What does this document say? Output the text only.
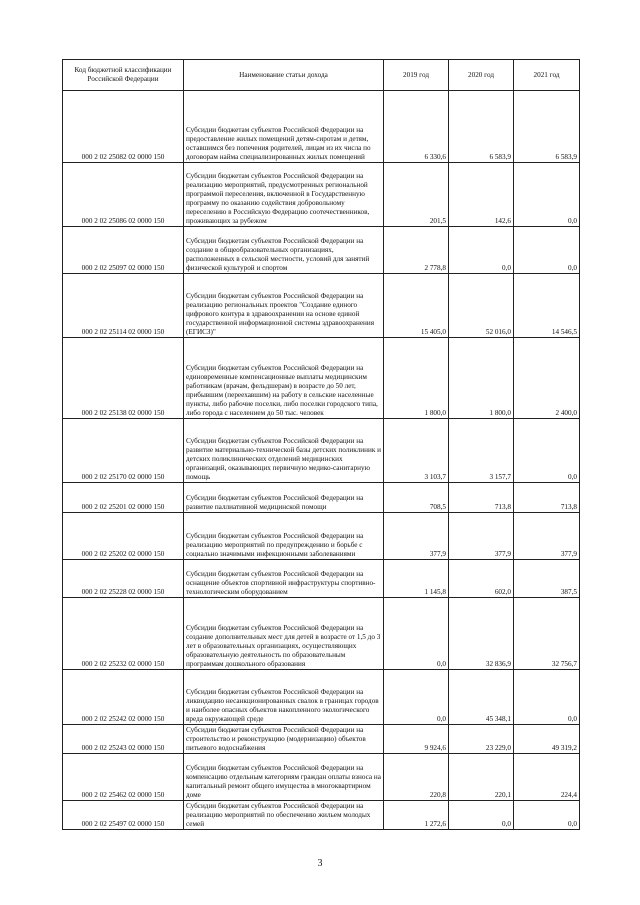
Код бюджетной классификации Российской Федерации	Наименование статьи дохода	2019 год	2020 год	2021 год
000 2 02 25082 02 0000 150	Субсидии бюджетам субъектов Российской Федерации на предоставление жилых помещений детям-сиротам и детям, оставшимся без попечения родителей, лицам из их числа по договорам найма специализированных жилых помещений	6 330,6	6 583,9	6 583,9
000 2 02 25086 02 0000 150	Субсидии бюджетам субъектов Российской Федерации на реализацию мероприятий, предусмотренных региональной программой переселения, включенной в Государственную программу по оказанию содействия добровольному переселению в Российскую Федерацию соотечественников, проживающих за рубежом	201,5	142,6	0,0
000 2 02 25097 02 0000 150	Субсидии бюджетам субъектов Российской Федерации на создание в общеобразовательных организациях, расположенных в сельской местности, условий для занятий физической культурой и спортом	2 778,8	0,0	0,0
000 2 02 25114 02 0000 150	Субсидии бюджетам субъектов Российской Федерации на реализацию региональных проектов "Создание единого цифрового контура в здравоохранении на основе единой государственной информационной системы здравоохранения (ЕГИСЗ)"	15 405,0	52 016,0	14 546,5
000 2 02 25138 02 0000 150	Субсидии бюджетам субъектов Российской Федерации на единовременные компенсационные выплаты медицинским работникам (врачам, фельдшерам) в возрасте до 50 лет, прибывшим (переехавшим) на работу в сельские населенные пункты, либо рабочие поселки, либо поселки городского типа, либо города с населением до 50 тыс. человек	1 800,0	1 800,0	2 400,0
000 2 02 25170 02 0000 150	Субсидии бюджетам субъектов Российской Федерации на развитие материально-технической базы детских поликлиник и детских поликлинических отделений медицинских организаций, оказывающих первичную медико-санитарную помощь	3 103,7	3 157,7	0,0
000 2 02 25201 02 0000 150	Субсидии бюджетам субъектов Российской Федерации на развитие паллиативной медицинской помощи	708,5	713,8	713,8
000 2 02 25202 02 0000 150	Субсидии бюджетам субъектов Российской Федерации на реализацию мероприятий по предупреждению и борьбе с социально значимыми инфекционными заболеваниями	377,9	377,9	377,9
000 2 02 25228 02 0000 150	Субсидии бюджетам субъектов Российской Федерации на оснащение объектов спортивной инфраструктуры спортивно-технологическим оборудованием	1 145,8	602,0	387,5
000 2 02 25232 02 0000 150	Субсидии бюджетам субъектов Российской Федерации на создание дополнительных мест для детей в возрасте от 1,5 до 3 лет в образовательных организациях, осуществляющих образовательную деятельность по образовательным программам дошкольного образования	0,0	32 836,9	32 756,7
000 2 02 25242 02 0000 150	Субсидии бюджетам субъектов Российской Федерации на ликвидацию несанкционированных свалок в границах городов и наиболее опасных объектов накопленного экологического вреда окружающей среде	0,0	45 348,1	0,0
000 2 02 25243 02 0000 150	Субсидии бюджетам субъектов Российской Федерации на строительство и реконструкцию (модернизацию) объектов питьевого водоснабжения	9 924,6	23 229,0	49 319,2
000 2 02 25462 02 0000 150	Субсидии бюджетам субъектов Российской Федерации на компенсацию отдельным категориям граждан оплаты взноса на капитальный ремонт общего имущества в многоквартирном доме	220,8	220,1	224,4
000 2 02 25497 02 0000 150	Субсидии бюджетам субъектов Российской Федерации на реализацию мероприятий по обеспечению жильем молодых семей	1 272,6	0,0	0,0
3
